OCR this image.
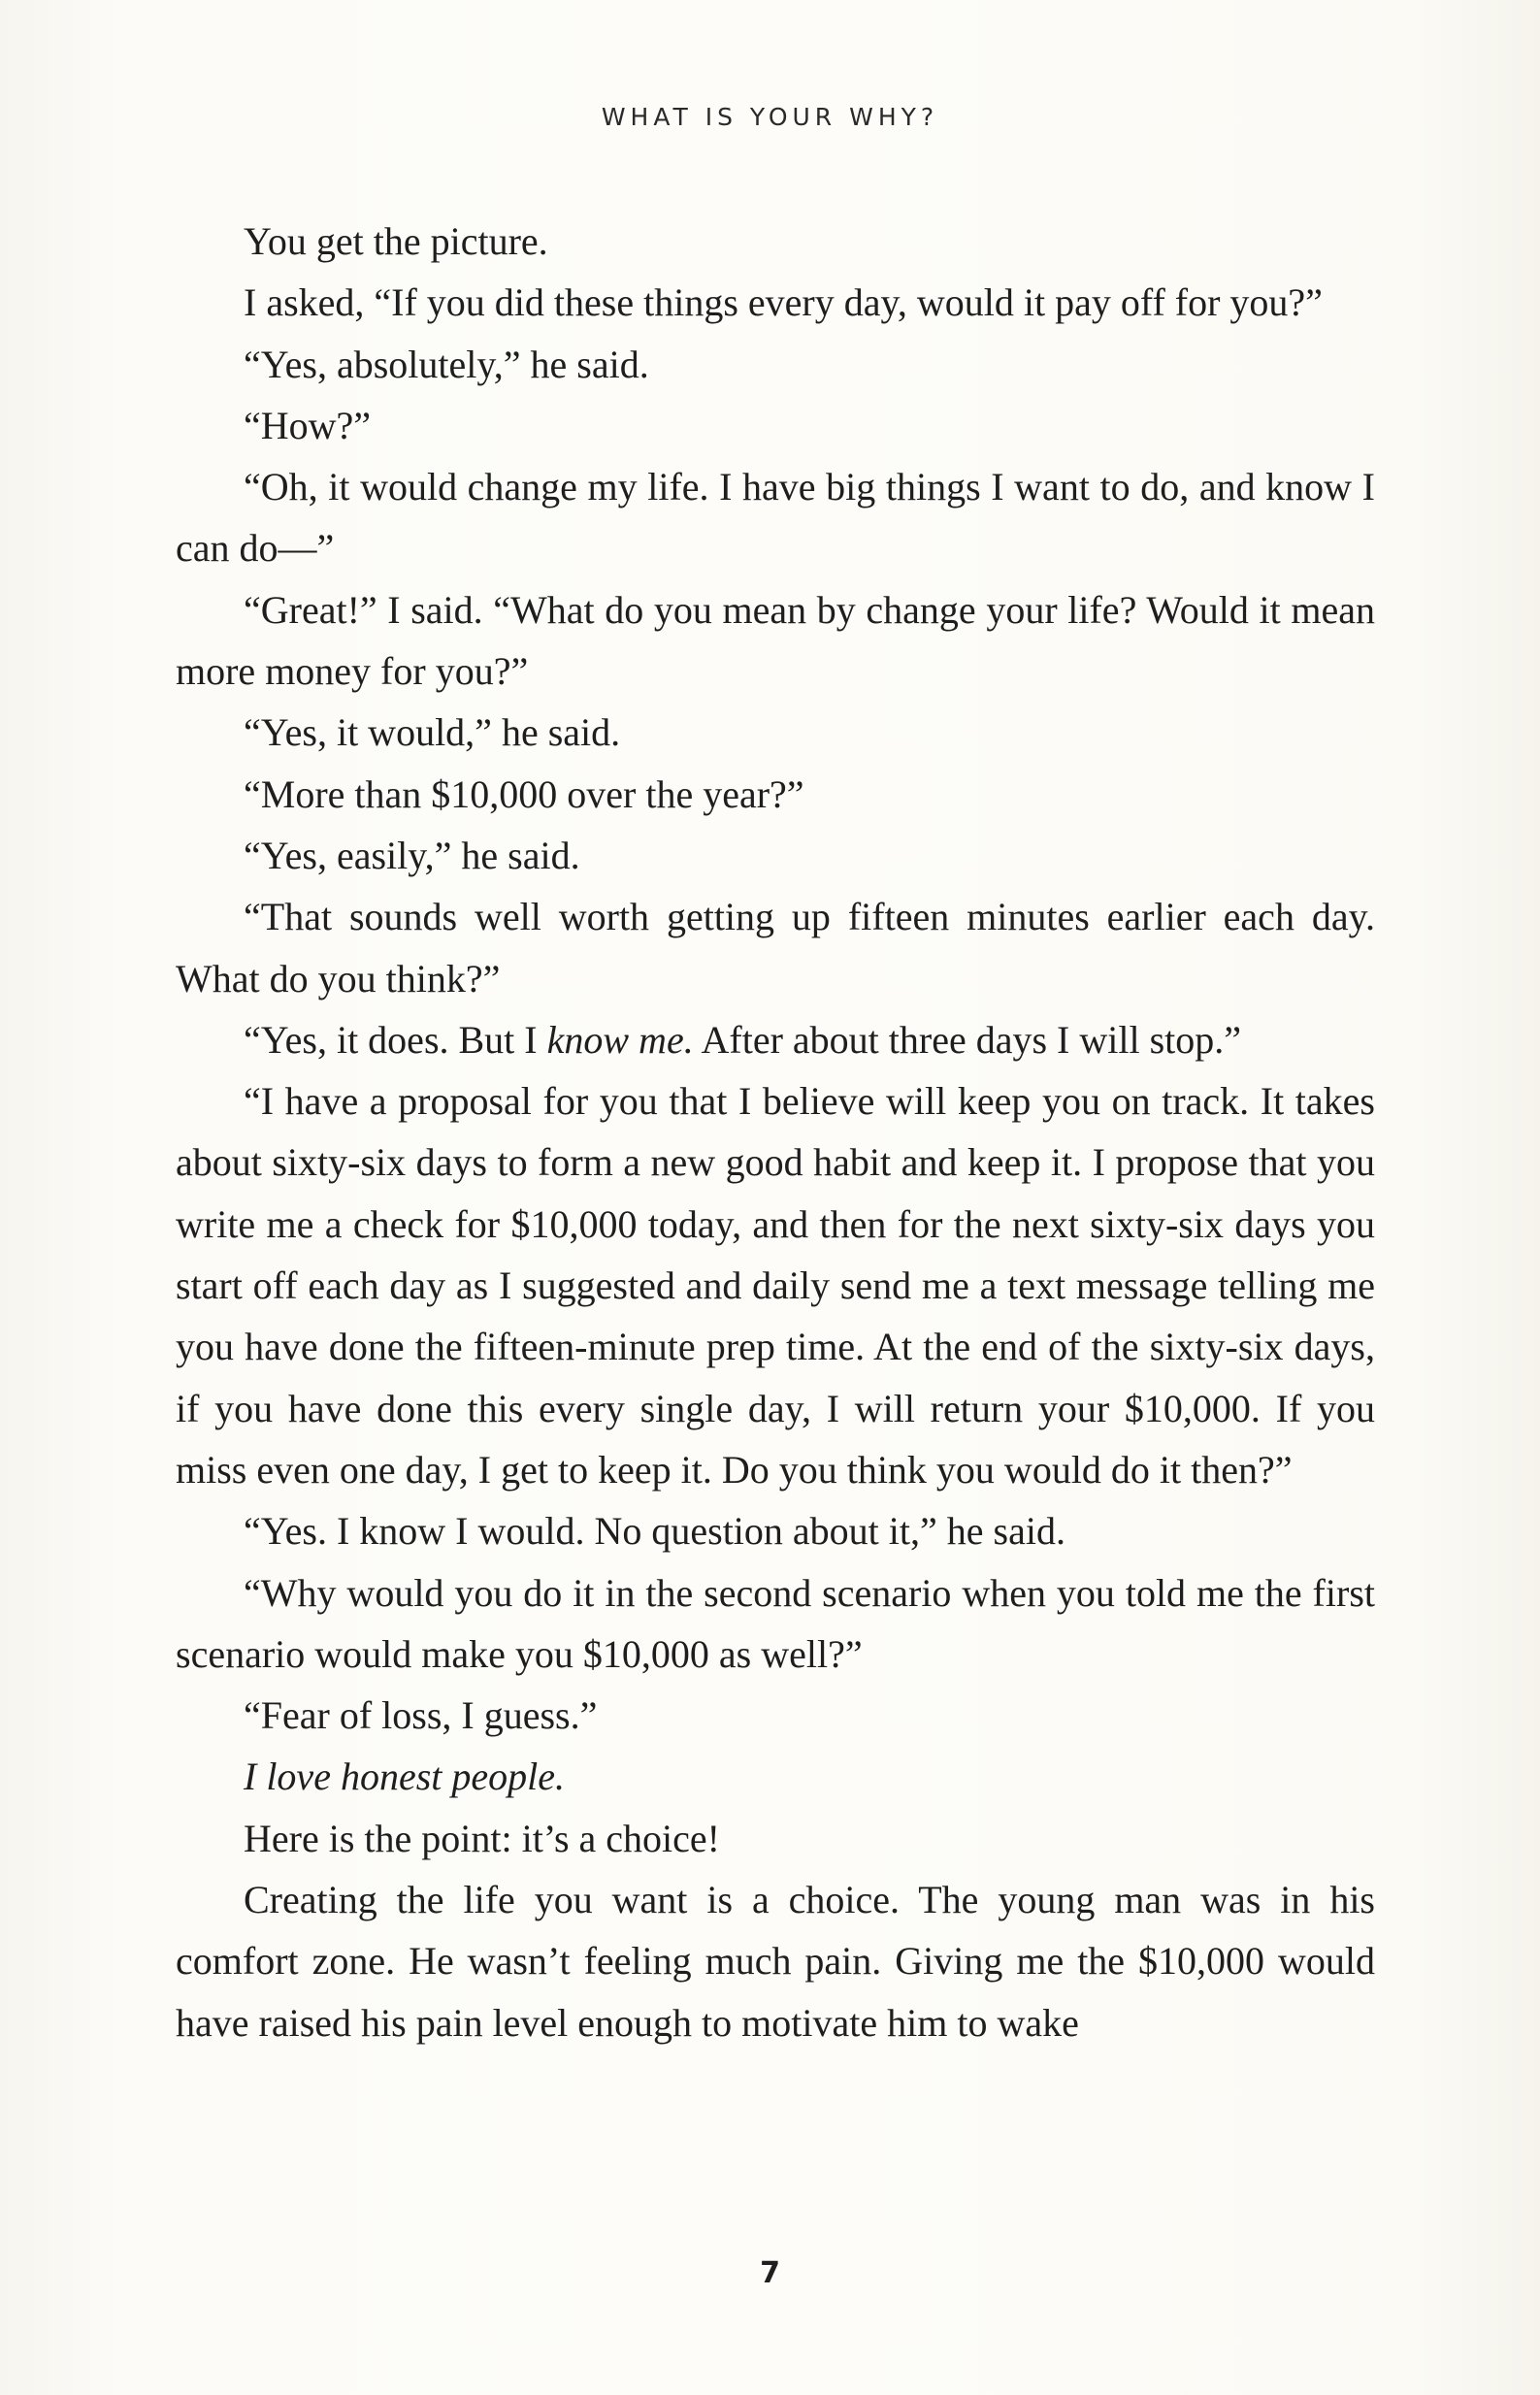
WHAT IS YOUR WHY?

You get the picture.

I asked, “If you did these things every day, would it pay off for you?”

“Yes, absolutely,” he said.

“How?”

“Oh, it would change my life. I have big things I want to do, and know I can do—”

“Great!” I said. “What do you mean by change your life? Would it mean more money for you?”

“Yes, it would,” he said.

“More than $10,000 over the year?”

“Yes, easily,” he said.

“That sounds well worth getting up fifteen minutes earlier each day. What do you think?”

“Yes, it does. But I know me. After about three days I will stop.”

“I have a proposal for you that I believe will keep you on track. It takes about sixty-six days to form a new good habit and keep it. I propose that you write me a check for $10,000 today, and then for the next sixty-six days you start off each day as I suggested and daily send me a text message telling me you have done the fifteen-minute prep time. At the end of the sixty-six days, if you have done this every single day, I will return your $10,000. If you miss even one day, I get to keep it. Do you think you would do it then?”

“Yes. I know I would. No question about it,” he said.

“Why would you do it in the second scenario when you told me the first scenario would make you $10,000 as well?”

“Fear of loss, I guess.”

I love honest people.

Here is the point: it’s a choice!

Creating the life you want is a choice. The young man was in his comfort zone. He wasn’t feeling much pain. Giving me the $10,000 would have raised his pain level enough to motivate him to wake

7
